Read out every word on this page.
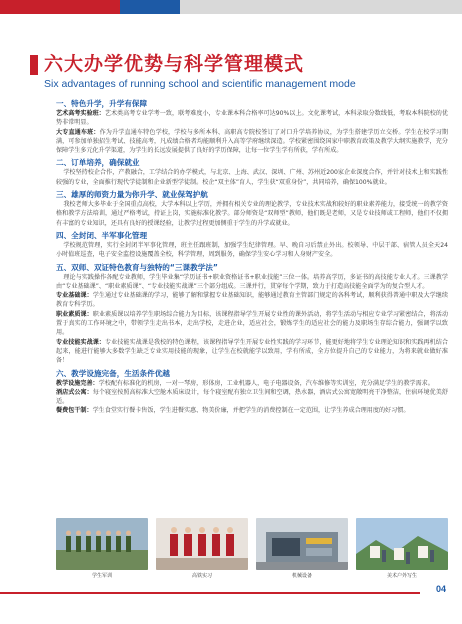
六大办学优势与科学管理模式
Six advantages of running school and scientific management mode
一、特色升学，升学有保障
艺术高考实验班：艺术类高考专业学考一致，联考难度小，专业课本科合格率可达90%以上。文化课考试，本科录取分数线低，考取本科院校的优势非常明显。
大专直通车班：作为升学直通车特色学校，学校与多所本科、高职高专院校签订了对口升学培养协议，为学生搭建学历立交桥。学生在校学习期满，可参加单独招生考试、技能高考，凡成绩合格者均能顺利升入高等学府继续深造。学校紧密围绕国家中职教育政策及教学大纲实施教学，充分保障学生多元化升学渠道，为学生的长远发展提供了良好的学历保障，让每一位学生学有所获，学有所成。
二、订单培养，确保就业
学校坚持校企合作，产教融合，工学结合的办学模式，与北京、上海、武汉、深圳、广州、苏州近200家企业深度合作，并针对技术上和实践性较强的专业，全面推行现代学徒制和企业新型学徒制。校企“双主体”育人，学生获“双重身份”，共同培养，确保100%就业。
三、雄厚的师资力量为你升学、就业保驾护航
我校老师大多毕业于全国重点高校，大学本科以上学历，并拥有相关专业的理论教学，专业技术实战和较好的职业素养能力，接受统一的教学资格和教学方法培训，通过严格考试，持证上岗，实施标准化教学。部分师资是“双师型”教师，他们既是老师，又是专业技师或工程师，他们不仅拥有丰富的专业知识，还具有良好的授课经验，让教学过程更加侧重于学生的升学或就业。
四、全封闭、半军事化管理
学校规范管理，实行全封闭半军事化管理，班主任跟班制，加强学生纪律管理。早、晚自习后禁止外出。校领导、中层干部、宿管人员全天24小时值班巡查，电子安全监控设施覆盖全校，科学管理，周到服务，确保学生安心学习和人身财产安全。
五、双师、双证特色教育与独特的“三课教学法”
理论与实践操作各配专业教师，学生毕业集“学历证书+职业资格证书+职业技能”三位一体。培养高学历，多证书的高技能专业人才。三课教学由“专业基础课”、“职业素质课”、“专业技能实战课”三个部分组成。三课并行，贯穿每个学期，致力于打造高技能全面学为的复合型人才。
专业基础课：学生通过专业基础课的学习，能够了解和掌握专业基础知识，能够通过教育主管部门规定的各科考试，顺利获得普通中职及大学继续教育专科学历。
职业素质课：职业素质课以培养学生职场综合能力为目标，该课程指导学生开展专业性的课外活动，将学生活动与相应专业学习紧密结合，将活动置于真实的工作环境之中，带领学生走出书本，走出学校，走进企业，适应社会，锻炼学生的适应社会的能力及职场生存综合能力，强调学以致用。
专业技能实战课：专业技能实战课是我校的特色课程，该课程指导学生开展专业性实践的学习环节，能更好地将学生专业理论知识和实践再机结合起来，能进行能够大多数学生缺乏专业实用技能的现象，让学生在校就能学以致用，学有所成，全方位提升自己的专业能力，为将来就业做好准备！
六、教学设施完备，生活条件优越
教学设施完善：学校配有标准化的机房，一对一琴房，形体房，工业机器人，电子电器设备，汽车维修等实训室，充分满足学生的教学需求。
酒店式公寓：每个寝室按照高标准大空舱木质床设计，每个寝室配有独立卫生间和空调，热水器，酒店式公寓宽敞明亮干净整洁，住宿环境优美舒适。
餐费包干制：学生食堂实行餐卡售饭，学生进餐实惠、物美价廉，并把学生的消费控制在一定范围，让学生养成合理用度的好习惯。
学生军训	高铁实习	机械设备	美术户外写生
04
